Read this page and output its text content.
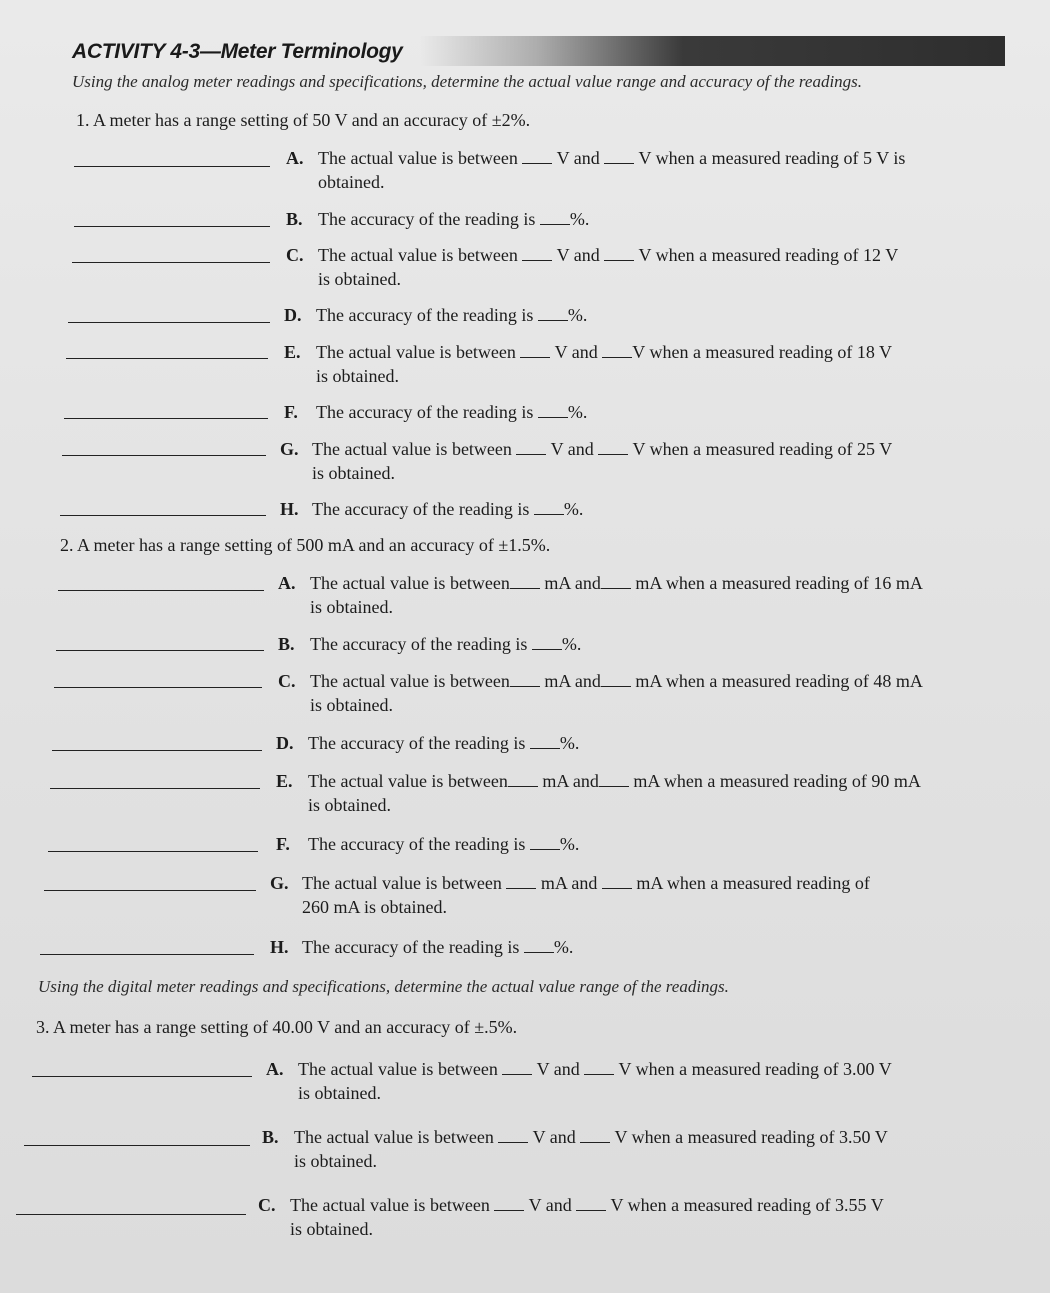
ACTIVITY 4-3—Meter Terminology
Using the analog meter readings and specifications, determine the actual value range and accuracy of the readings.
1. A meter has a range setting of 50 V and an accuracy of ±2%.
A. The actual value is between V and V when a measured reading of 5 V is
obtained.
B. The accuracy of the reading is %.
C. The actual value is between V and V when a measured reading of 12 V
is obtained.
D. The accuracy of the reading is %.
E. The actual value is between V and V when a measured reading of 18 V
is obtained.
F. The accuracy of the reading is %.
G. The actual value is between V and V when a measured reading of 25 V
is obtained.
H. The accuracy of the reading is %.
2. A meter has a range setting of 500 mA and an accuracy of ±1.5%.
A. The actual value is between mA and mA when a measured reading of 16 mA
is obtained.
B. The accuracy of the reading is %.
C. The actual value is between mA and mA when a measured reading of 48 mA
is obtained.
D. The accuracy of the reading is %.
E. The actual value is between mA and mA when a measured reading of 90 mA
is obtained.
F. The accuracy of the reading is %.
G. The actual value is between mA and mA when a measured reading of
260 mA is obtained.
H. The accuracy of the reading is %.
Using the digital meter readings and specifications, determine the actual value range of the readings.
3. A meter has a range setting of 40.00 V and an accuracy of ±.5%.
A. The actual value is between V and V when a measured reading of 3.00 V
is obtained.
B. The actual value is between V and V when a measured reading of 3.50 V
is obtained.
C. The actual value is between V and V when a measured reading of 3.55 V
is obtained.
